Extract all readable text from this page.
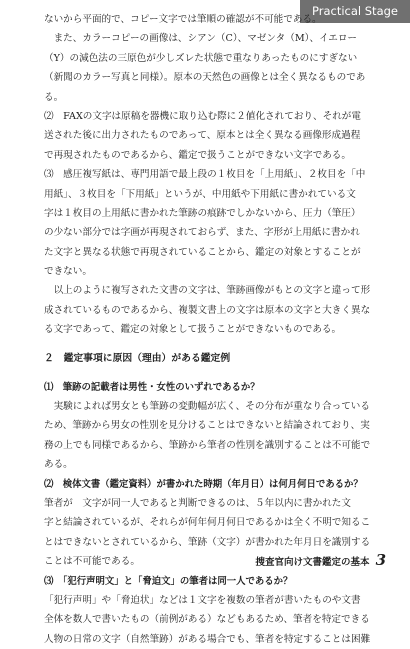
Practical Stage
ないから平面的で、コピー文字では筆順の確認が不可能である。
　また、カラーコピーの画像は、シアン（C）、マゼンタ（M）、イエロー
（Y）の減色法の三原色が少しズレた状態で重なりあったものにすぎない
（新聞のカラー写真と同様）。原本の天然色の画像とは全く異なるものであ
る。
⑵　FAXの文字は原稿を器機に取り込む際に２値化されており、それが電
送された後に出力されたものであって、原本とは全く異なる画像形成過程
で再現されたものであるから、鑑定で扱うことができない文字である。
⑶　感圧複写紙は、専門用語で最上段の１枚目を「上用紙」、２枚目を「中
用紙」、３枚目を「下用紙」というが、中用紙や下用紙に書かれている文
字は１枚目の上用紙に書かれた筆跡の痕跡でしかないから、圧力（筆圧）
の少ない部分では字画が再現されておらず、また、字形が上用紙に書かれ
た文字と異なる状態で再現されていることから、鑑定の対象とすることが
できない。
　以上のように複写された文書の文字は、筆跡画像がもとの文字と違って形
成されているものであるから、複製文書上の文字は原本の文字と大きく異な
る文字であって、鑑定の対象として扱うことができないものである。
２　鑑定事項に原因（理由）がある鑑定例
⑴　筆跡の記載者は男性・女性のいずれであるか？
　実験によれば男女とも筆跡の変動幅が広く、その分布が重なり合っている
ため、筆跡から男女の性別を見分けることはできないと結論されており、実
務の上でも同様であるから、筆跡から筆者の性別を識別することは不可能で
ある。
⑵　検体文書（鑑定資料）が書かれた時期（年月日）は何月何日であるか？
筆者が　文字が同一人であると判断できるのは、５年以内に書かれた文
字と結論されているが、それらが何年何月何日であるかは全く不明で知るこ
とはできないとされているから、筆跡（文字）が書かれた年月日を識別する
ことは不可能である。
⑶　「犯行声明文」と「脅迫文」の筆者は同一人であるか？
「犯行声明」や「脅迫状」などは１文字を複数の筆者が書いたものや文書
全体を数人で書いたもの（前例がある）などもあるため、筆者を特定できる
人物の日常の文字（自然筆跡）がある場合でも、筆者を特定することは困難
捜査官向け文書鑑定の基本 3
